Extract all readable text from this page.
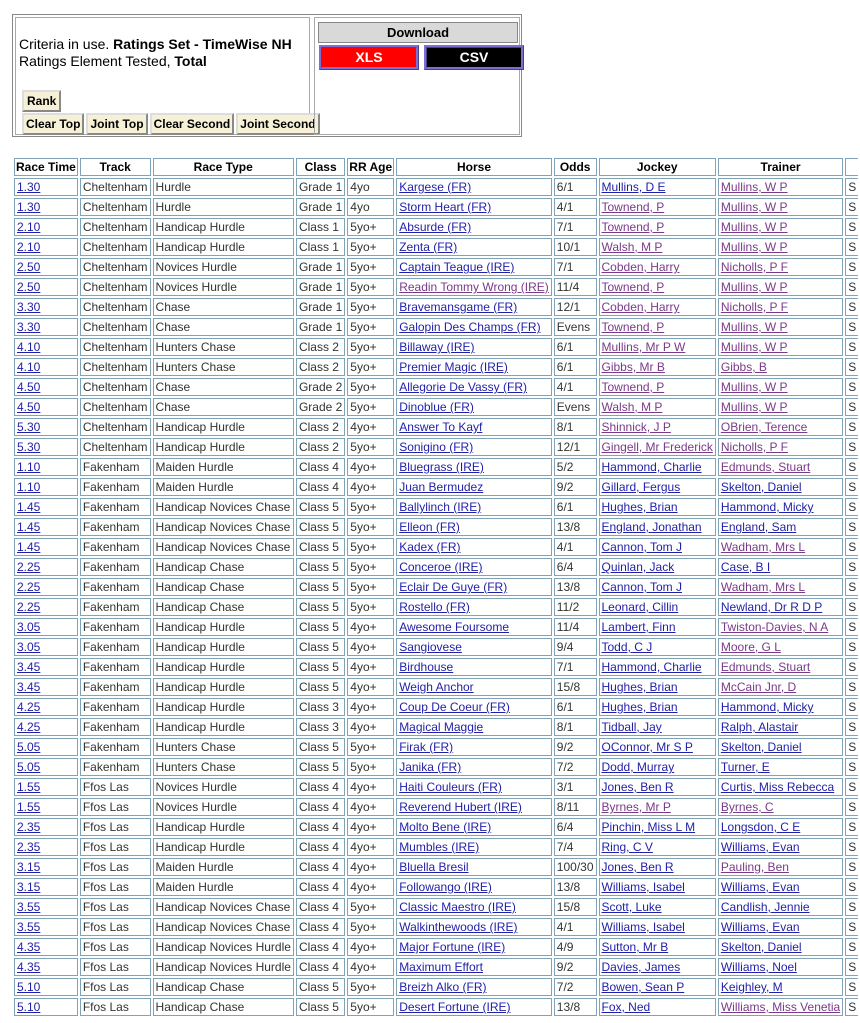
Criteria in use. Ratings Set - TimeWise NH
Ratings Element Tested, Total
Rank
Clear Top Joint Top Clear Second Joint Second
Download
XLS	CSV
Race Time	Track	Race Type	Class	RR Age	Horse	Odds	Jockey	Trainer	
1.30	Cheltenham	Hurdle	Grade 1	4yo	Kargese (FR)	6/1	Mullins, D E	Mullins, W P	S
1.30	Cheltenham	Hurdle	Grade 1	4yo	Storm Heart (FR)	4/1	Townend, P	Mullins, W P	S
2.10	Cheltenham	Handicap Hurdle	Class 1	5yo+	Absurde (FR)	7/1	Townend, P	Mullins, W P	S
2.10	Cheltenham	Handicap Hurdle	Class 1	5yo+	Zenta (FR)	10/1	Walsh, M P	Mullins, W P	S
2.50	Cheltenham	Novices Hurdle	Grade 1	5yo+	Captain Teague (IRE)	7/1	Cobden, Harry	Nicholls, P F	S
2.50	Cheltenham	Novices Hurdle	Grade 1	5yo+	Readin Tommy Wrong (IRE)	11/4	Townend, P	Mullins, W P	S
3.30	Cheltenham	Chase	Grade 1	5yo+	Bravemansgame (FR)	12/1	Cobden, Harry	Nicholls, P F	S
3.30	Cheltenham	Chase	Grade 1	5yo+	Galopin Des Champs (FR)	Evens	Townend, P	Mullins, W P	S
4.10	Cheltenham	Hunters Chase	Class 2	5yo+	Billaway (IRE)	6/1	Mullins, Mr P W	Mullins, W P	S
4.10	Cheltenham	Hunters Chase	Class 2	5yo+	Premier Magic (IRE)	6/1	Gibbs, Mr B	Gibbs, B	S
4.50	Cheltenham	Chase	Grade 2	5yo+	Allegorie De Vassy (FR)	4/1	Townend, P	Mullins, W P	S
4.50	Cheltenham	Chase	Grade 2	5yo+	Dinoblue (FR)	Evens	Walsh, M P	Mullins, W P	S
5.30	Cheltenham	Handicap Hurdle	Class 2	4yo+	Answer To Kayf	8/1	Shinnick, J P	OBrien, Terence	S
5.30	Cheltenham	Handicap Hurdle	Class 2	5yo+	Sonigino (FR)	12/1	Gingell, Mr Frederick	Nicholls, P F	S
1.10	Fakenham	Maiden Hurdle	Class 4	4yo+	Bluegrass (IRE)	5/2	Hammond, Charlie	Edmunds, Stuart	S
1.10	Fakenham	Maiden Hurdle	Class 4	4yo+	Juan Bermudez	9/2	Gillard, Fergus	Skelton, Daniel	S
1.45	Fakenham	Handicap Novices Chase	Class 5	5yo+	Ballylinch (IRE)	6/1	Hughes, Brian	Hammond, Micky	S
1.45	Fakenham	Handicap Novices Chase	Class 5	5yo+	Elleon (FR)	13/8	England, Jonathan	England, Sam	S
1.45	Fakenham	Handicap Novices Chase	Class 5	5yo+	Kadex (FR)	4/1	Cannon, Tom J	Wadham, Mrs L	S
2.25	Fakenham	Handicap Chase	Class 5	5yo+	Conceroe (IRE)	6/4	Quinlan, Jack	Case, B I	S
2.25	Fakenham	Handicap Chase	Class 5	5yo+	Eclair De Guye (FR)	13/8	Cannon, Tom J	Wadham, Mrs L	S
2.25	Fakenham	Handicap Chase	Class 5	5yo+	Rostello (FR)	11/2	Leonard, Cillin	Newland, Dr R D P	S
3.05	Fakenham	Handicap Hurdle	Class 5	4yo+	Awesome Foursome	11/4	Lambert, Finn	Twiston-Davies, N A	S
3.05	Fakenham	Handicap Hurdle	Class 5	4yo+	Sangiovese	9/4	Todd, C J	Moore, G L	S
3.45	Fakenham	Handicap Hurdle	Class 5	4yo+	Birdhouse	7/1	Hammond, Charlie	Edmunds, Stuart	S
3.45	Fakenham	Handicap Hurdle	Class 5	4yo+	Weigh Anchor	15/8	Hughes, Brian	McCain Jnr, D	S
4.25	Fakenham	Handicap Hurdle	Class 3	4yo+	Coup De Coeur (FR)	6/1	Hughes, Brian	Hammond, Micky	S
4.25	Fakenham	Handicap Hurdle	Class 3	4yo+	Magical Maggie	8/1	Tidball, Jay	Ralph, Alastair	S
5.05	Fakenham	Hunters Chase	Class 5	5yo+	Firak (FR)	9/2	OConnor, Mr S P	Skelton, Daniel	S
5.05	Fakenham	Hunters Chase	Class 5	5yo+	Janika (FR)	7/2	Dodd, Murray	Turner, E	S
1.55	Ffos Las	Novices Hurdle	Class 4	4yo+	Haiti Couleurs (FR)	3/1	Jones, Ben R	Curtis, Miss Rebecca	S
1.55	Ffos Las	Novices Hurdle	Class 4	4yo+	Reverend Hubert (IRE)	8/11	Byrnes, Mr P	Byrnes, C	S
2.35	Ffos Las	Handicap Hurdle	Class 4	4yo+	Molto Bene (IRE)	6/4	Pinchin, Miss L M	Longsdon, C E	S
2.35	Ffos Las	Handicap Hurdle	Class 4	4yo+	Mumbles (IRE)	7/4	Ring, C V	Williams, Evan	S
3.15	Ffos Las	Maiden Hurdle	Class 4	4yo+	Bluella Bresil	100/30	Jones, Ben R	Pauling, Ben	S
3.15	Ffos Las	Maiden Hurdle	Class 4	4yo+	Followango (IRE)	13/8	Williams, Isabel	Williams, Evan	S
3.55	Ffos Las	Handicap Novices Chase	Class 4	5yo+	Classic Maestro (IRE)	15/8	Scott, Luke	Candlish, Jennie	S
3.55	Ffos Las	Handicap Novices Chase	Class 4	5yo+	Walkinthewoods (IRE)	4/1	Williams, Isabel	Williams, Evan	S
4.35	Ffos Las	Handicap Novices Hurdle	Class 4	4yo+	Major Fortune (IRE)	4/9	Sutton, Mr B	Skelton, Daniel	S
4.35	Ffos Las	Handicap Novices Hurdle	Class 4	4yo+	Maximum Effort	9/2	Davies, James	Williams, Noel	S
5.10	Ffos Las	Handicap Chase	Class 5	5yo+	Breizh Alko (FR)	7/2	Bowen, Sean P	Keighley, M	S
5.10	Ffos Las	Handicap Chase	Class 5	5yo+	Desert Fortune (IRE)	13/8	Fox, Ned	Williams, Miss Venetia	S
